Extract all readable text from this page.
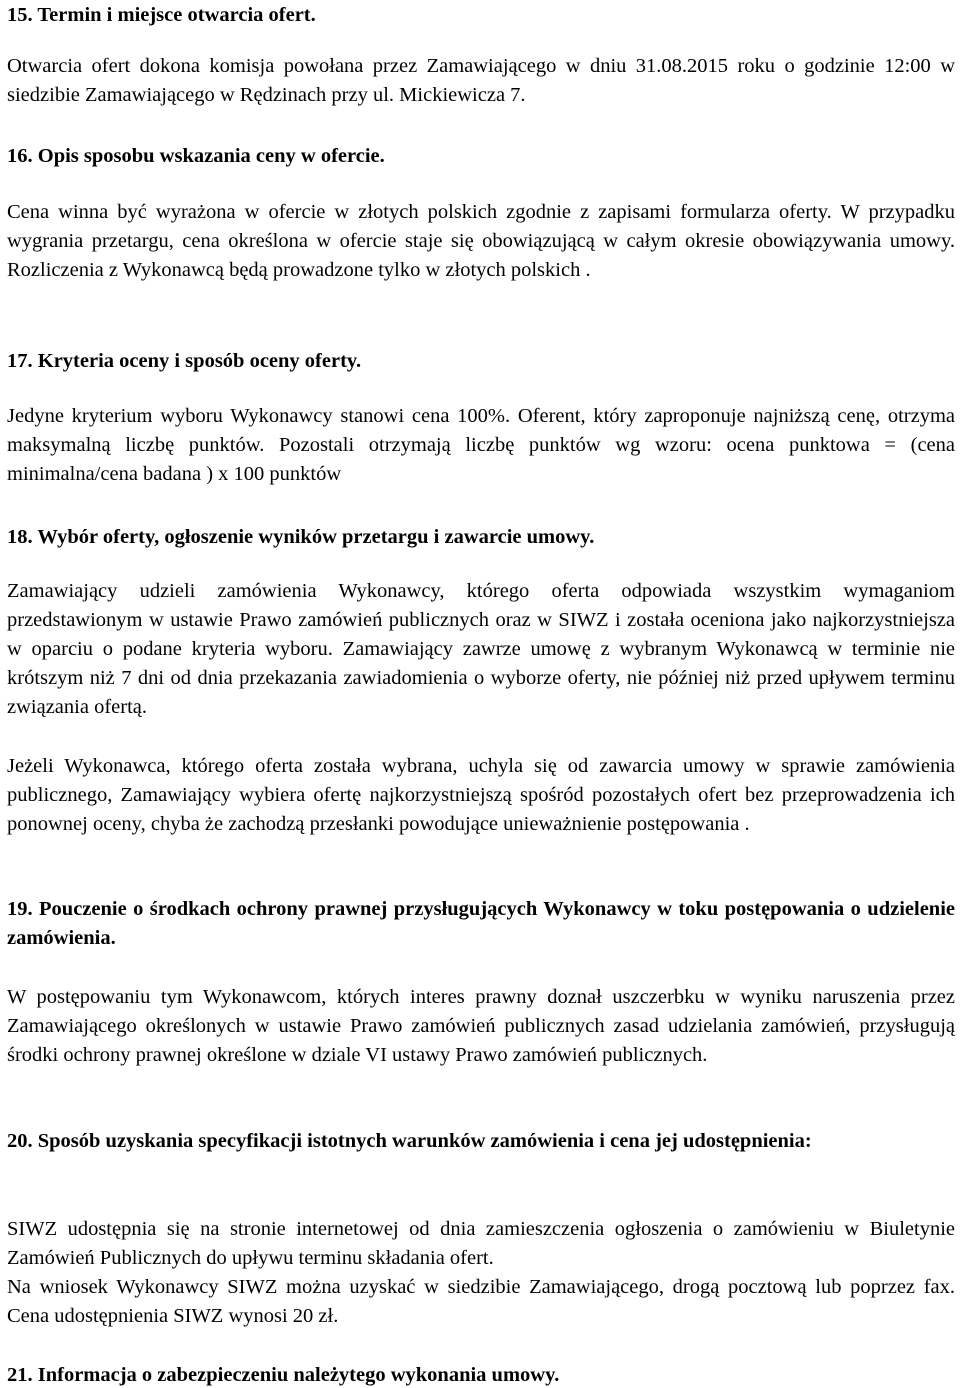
15. Termin i miejsce otwarcia ofert.

Otwarcia ofert dokona komisja powołana przez Zamawiającego w dniu 31.08.2015 roku o godzinie 12:00 w siedzibie Zamawiającego w Rędzinach przy ul. Mickiewicza 7.

16. Opis sposobu wskazania ceny w ofercie.

Cena winna być wyrażona w ofercie w złotych polskich zgodnie z zapisami formularza oferty. W przypadku wygrania przetargu, cena określona w ofercie staje się obowiązującą w całym okresie obowiązywania umowy. Rozliczenia z Wykonawcą będą prowadzone tylko w złotych polskich .

17. Kryteria oceny i sposób oceny oferty.

Jedyne kryterium wyboru Wykonawcy stanowi cena 100%. Oferent, który zaproponuje najniższą cenę, otrzyma maksymalną liczbę punktów. Pozostali otrzymają liczbę punktów wg wzoru: ocena punktowa = (cena minimalna/cena badana ) x 100 punktów

18. Wybór oferty, ogłoszenie wyników przetargu i zawarcie umowy.

Zamawiający udzieli zamówienia Wykonawcy, którego oferta odpowiada wszystkim wymaganiom przedstawionym w ustawie Prawo zamówień publicznych oraz w SIWZ i została oceniona jako najkorzystniejsza w oparciu o podane kryteria wyboru. Zamawiający zawrze umowę z wybranym Wykonawcą w terminie nie krótszym niż 7 dni od dnia przekazania zawiadomienia o wyborze oferty, nie później niż przed upływem terminu związania ofertą.

Jeżeli Wykonawca, którego oferta została wybrana, uchyla się od zawarcia umowy w sprawie zamówienia publicznego, Zamawiający wybiera ofertę najkorzystniejszą spośród pozostałych ofert bez przeprowadzenia ich ponownej oceny, chyba że zachodzą przesłanki powodujące unieważnienie postępowania .

19. Pouczenie o środkach ochrony prawnej przysługujących Wykonawcy w toku postępowania o udzielenie zamówienia.

W postępowaniu tym Wykonawcom, których interes prawny doznał uszczerbku w wyniku naruszenia przez Zamawiającego określonych w ustawie Prawo zamówień publicznych zasad udzielania zamówień, przysługują środki ochrony prawnej określone w dziale VI ustawy Prawo zamówień publicznych.

20. Sposób uzyskania specyfikacji istotnych warunków zamówienia i cena jej udostępnienia:

SIWZ udostępnia się na stronie internetowej od dnia zamieszczenia ogłoszenia o zamówieniu w Biuletynie Zamówień Publicznych do upływu terminu składania ofert.

Na wniosek Wykonawcy SIWZ można uzyskać w siedzibie Zamawiającego, drogą pocztową lub poprzez fax. Cena udostępnienia SIWZ wynosi 20 zł.

21. Informacja o zabezpieczeniu należytego wykonania umowy.
